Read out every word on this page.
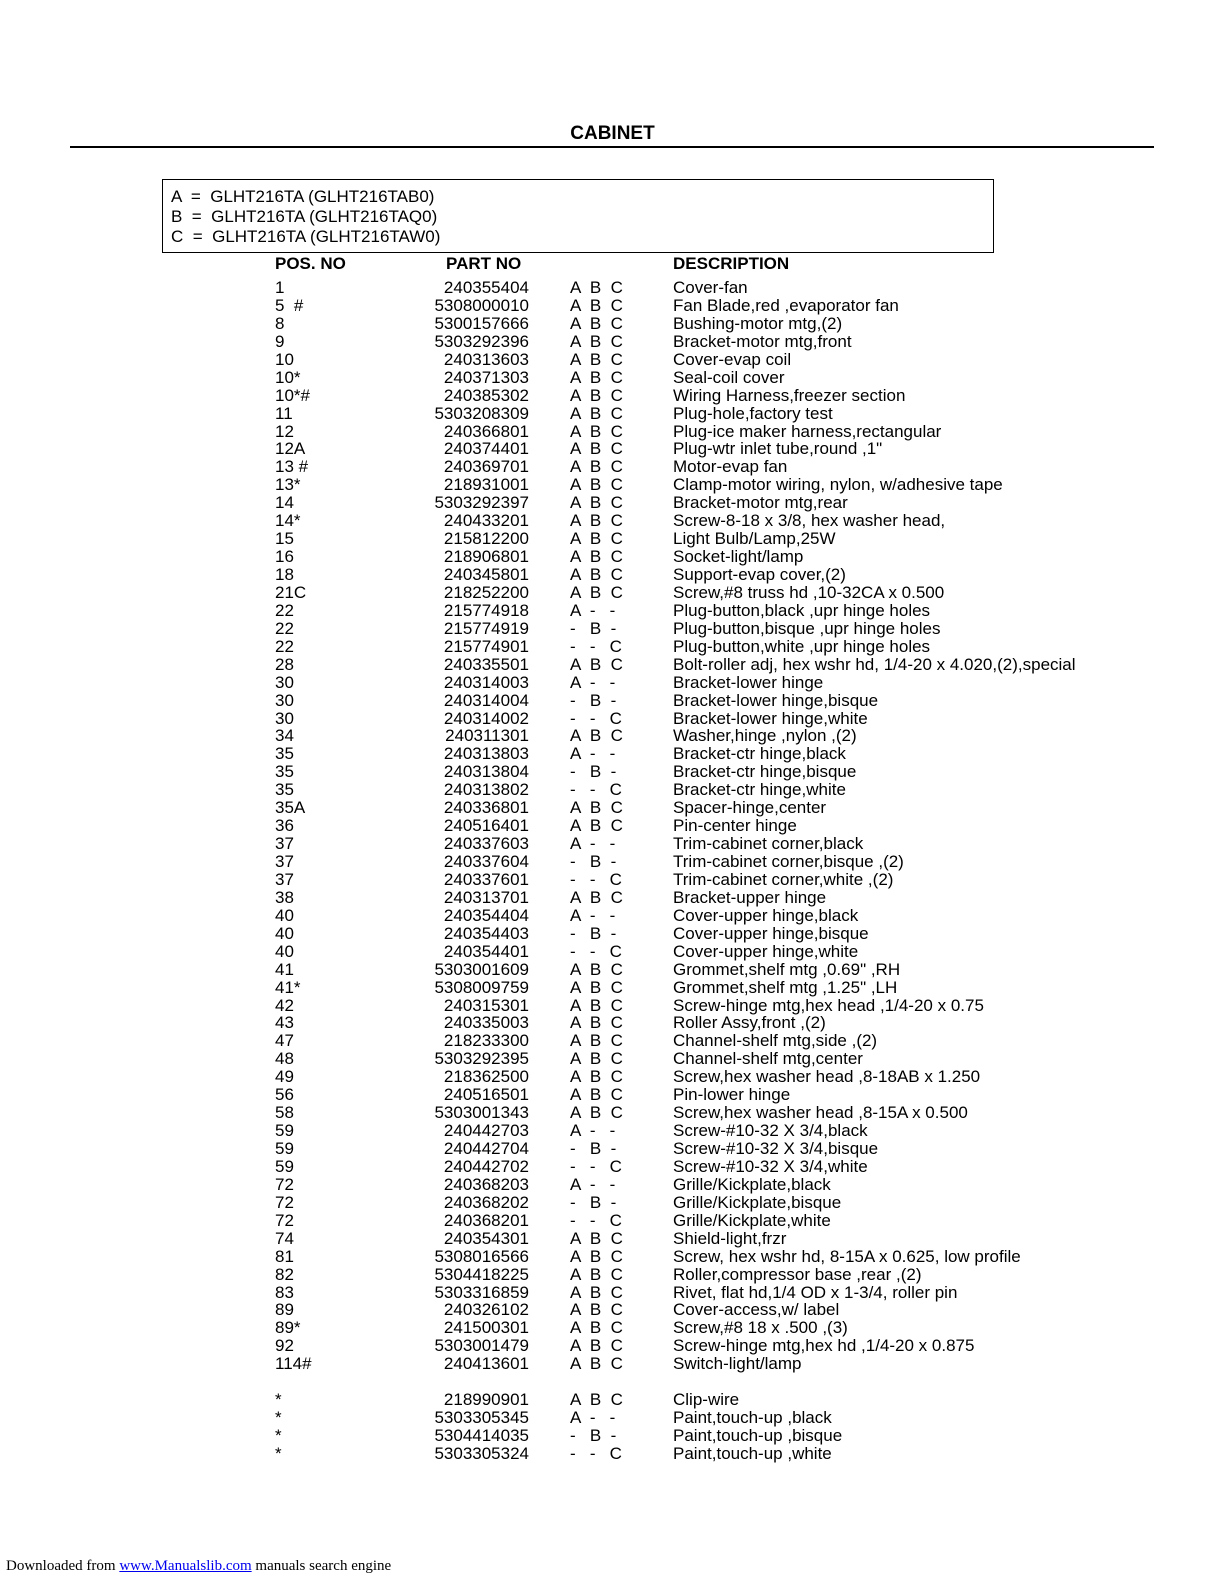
CABINET
A  =  GLHT216TA (GLHT216TAB0)
B  =  GLHT216TA (GLHT216TAQ0)
C  =  GLHT216TA (GLHT216TAW0)
POS. NO	PART NO	DESCRIPTION
1	240355404 A  B  C	Cover-fan
5  #	5308000010 A  B  C	Fan Blade,red ,evaporator fan
8	5300157666 A  B  C	Bushing-motor mtg,(2)
9	5303292396 A  B  C	Bracket-motor mtg,front
10	240313603 A  B  C	Cover-evap coil
10*	240371303 A  B  C	Seal-coil cover
10*#	240385302 A  B  C	Wiring Harness,freezer section
11	5303208309 A  B  C	Plug-hole,factory test
12	240366801 A  B  C	Plug-ice maker harness,rectangular
12A	240374401 A  B  C	Plug-wtr inlet tube,round ,1"
13 #	240369701 A  B  C	Motor-evap fan
13*	218931001 A  B  C	Clamp-motor wiring, nylon, w/adhesive tape
14	5303292397 A  B  C	Bracket-motor mtg,rear
14*	240433201 A  B  C	Screw-8-18 x 3/8, hex washer head,
15	215812200 A  B  C	Light Bulb/Lamp,25W
16	218906801 A  B  C	Socket-light/lamp
18	240345801 A  B  C	Support-evap cover,(2)
21C	218252200 A  B  C	Screw,#8 truss hd ,10-32CA x 0.500
22	215774918 A  -   -	Plug-button,black ,upr hinge holes
22	215774919 -   B  -	Plug-button,bisque ,upr hinge holes
22	215774901 -   -   C	Plug-button,white ,upr hinge holes
28	240335501 A  B  C	Bolt-roller adj, hex wshr hd, 1/4-20 x 4.020,(2),special
30	240314003 A  -   -	Bracket-lower hinge
30	240314004 -   B  -	Bracket-lower hinge,bisque
30	240314002 -   -   C	Bracket-lower hinge,white
34	240311301 A  B  C	Washer,hinge ,nylon ,(2)
35	240313803 A  -   -	Bracket-ctr hinge,black
35	240313804 -   B  -	Bracket-ctr hinge,bisque
35	240313802 -   -   C	Bracket-ctr hinge,white
35A	240336801 A  B  C	Spacer-hinge,center
36	240516401 A  B  C	Pin-center hinge
37	240337603 A  -   -	Trim-cabinet corner,black
37	240337604 -   B  -	Trim-cabinet corner,bisque ,(2)
37	240337601 -   -   C	Trim-cabinet corner,white ,(2)
38	240313701 A  B  C	Bracket-upper hinge
40	240354404 A  -   -	Cover-upper hinge,black
40	240354403 -   B  -	Cover-upper hinge,bisque
40	240354401 -   -   C	Cover-upper hinge,white
41	5303001609 A  B  C	Grommet,shelf mtg ,0.69" ,RH
41*	5308009759 A  B  C	Grommet,shelf mtg ,1.25" ,LH
42	240315301 A  B  C	Screw-hinge mtg,hex head ,1/4-20 x 0.75
43	240335003 A  B  C	Roller Assy,front ,(2)
47	218233300 A  B  C	Channel-shelf mtg,side ,(2)
48	5303292395 A  B  C	Channel-shelf mtg,center
49	218362500 A  B  C	Screw,hex washer head ,8-18AB x 1.250
56	240516501 A  B  C	Pin-lower hinge
58	5303001343 A  B  C	Screw,hex washer head ,8-15A x 0.500
59	240442703 A  -   -	Screw-#10-32 X 3/4,black
59	240442704 -   B  -	Screw-#10-32 X 3/4,bisque
59	240442702 -   -   C	Screw-#10-32 X 3/4,white
72	240368203 A  -   -	Grille/Kickplate,black
72	240368202 -   B  -	Grille/Kickplate,bisque
72	240368201 -   -   C	Grille/Kickplate,white
74	240354301 A  B  C	Shield-light,frzr
81	5308016566 A  B  C	Screw, hex wshr hd, 8-15A x 0.625, low profile
82	5304418225 A  B  C	Roller,compressor base ,rear ,(2)
83	5303316859 A  B  C	Rivet, flat hd,1/4 OD x 1-3/4, roller pin
89	240326102 A  B  C	Cover-access,w/ label
89*	241500301 A  B  C	Screw,#8 18 x .500 ,(3)
92	5303001479 A  B  C	Screw-hinge mtg,hex hd ,1/4-20 x 0.875
114#	240413601 A  B  C	Switch-light/lamp
*	218990901 A  B  C	Clip-wire
*	5303305345 A  -   -	Paint,touch-up ,black
*	5304414035 -   B  -	Paint,touch-up ,bisque
*	5303305324 -   -   C	Paint,touch-up ,white
Downloaded from www.Manualslib.com manuals search engine
